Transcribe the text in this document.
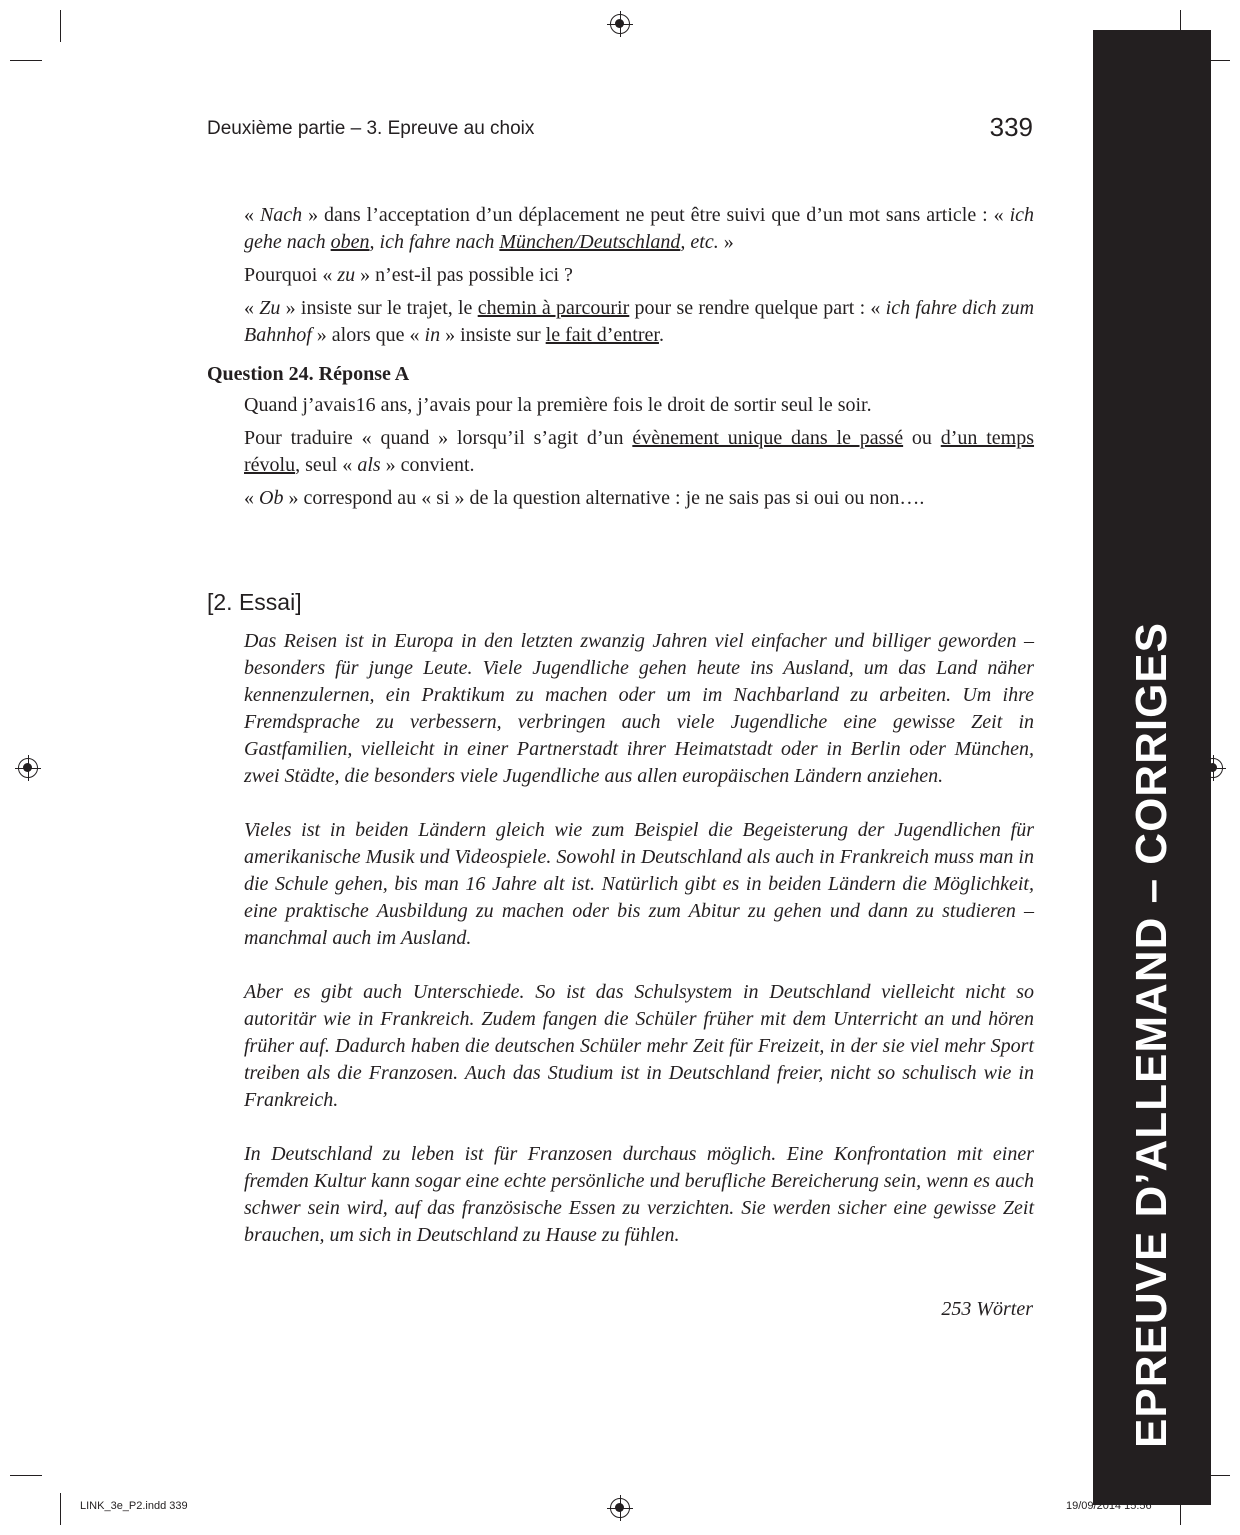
EPREUVE D’ALLEMAND – CORRIGES
Deuxième partie – 3. Epreuve au choix	339

« Nach » dans l’acceptation d’un déplacement ne peut être suivi que d’un mot sans article : « ich gehe nach oben, ich fahre nach München/Deutschland, etc. »

Pourquoi « zu » n’est-il pas possible ici ?

« Zu » insiste sur le trajet, le chemin à parcourir pour se rendre quelque part : « ich fahre dich zum Bahnhof » alors que « in » insiste sur le fait d’entrer.

Question 24. Réponse A

Quand j’avais16 ans, j’avais pour la première fois le droit de sortir seul le soir.

Pour traduire « quand » lorsqu’il s’agit d’un évènement unique dans le passé ou d’un temps révolu, seul « als » convient.

« Ob » correspond au « si » de la question alternative : je ne sais pas si oui ou non….

[2. Essai]

Das Reisen ist in Europa in den letzten zwanzig Jahren viel einfacher und billiger geworden – besonders für junge Leute. Viele Jugendliche gehen heute ins Ausland, um das Land näher kennenzulernen, ein Praktikum zu machen oder um im Nachbarland zu arbeiten. Um ihre Fremdsprache zu verbessern, verbringen auch viele Jugendliche eine gewisse Zeit in Gastfamilien, vielleicht in einer Partnerstadt ihrer Heimatstadt oder in Berlin oder München, zwei Städte, die besonders viele Jugendliche aus allen europäischen Ländern anziehen.

Vieles ist in beiden Ländern gleich wie zum Beispiel die Begeisterung der Jugendlichen für amerikanische Musik und Videospiele. Sowohl in Deutschland als auch in Frankreich muss man in die Schule gehen, bis man 16 Jahre alt ist. Natürlich gibt es in beiden Ländern die Möglichkeit, eine praktische Ausbildung zu machen oder bis zum Abitur zu gehen und dann zu studieren – manchmal auch im Ausland.

Aber es gibt auch Unterschiede. So ist das Schulsystem in Deutschland vielleicht nicht so autoritär wie in Frankreich. Zudem fangen die Schüler früher mit dem Unterricht an und hören früher auf. Dadurch haben die deutschen Schüler mehr Zeit für Freizeit, in der sie viel mehr Sport treiben als die Franzosen. Auch das Studium ist in Deutschland freier, nicht so schulisch wie in Frankreich.

In Deutschland zu leben ist für Franzosen durchaus möglich. Eine Konfrontation mit einer fremden Kultur kann sogar eine echte persönliche und berufliche Bereicherung sein, wenn es auch schwer sein wird, auf das französische Essen zu verzichten. Sie werden sicher eine gewisse Zeit brauchen, um sich in Deutschland zu Hause zu fühlen.

253 Wörter
LINK_3e_P2.indd 339	19/09/2014 15:56
